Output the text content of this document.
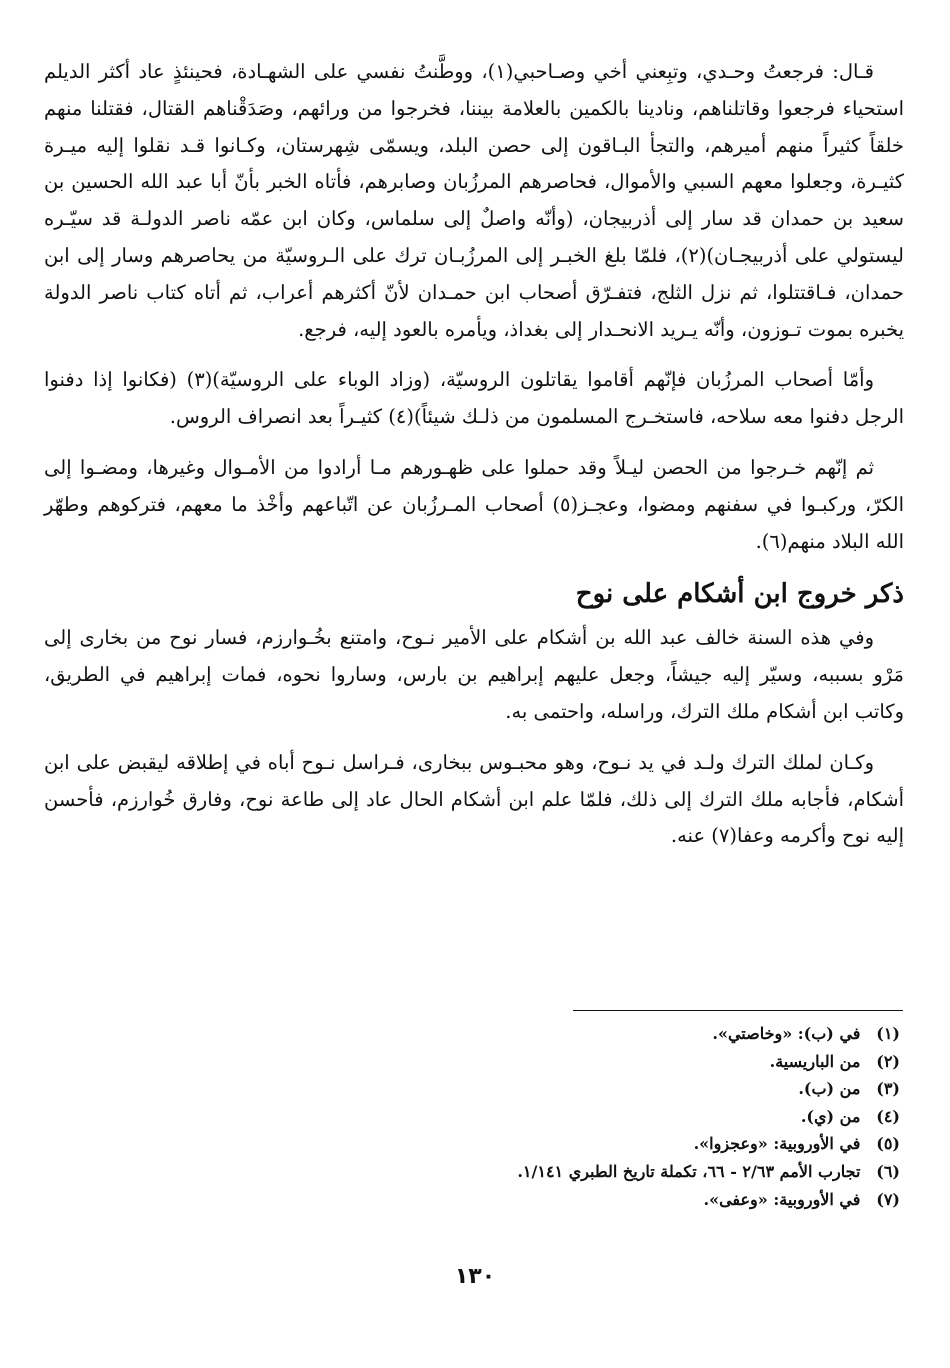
قـال: فرجعتُ وحـدي، وتبِعني أخي وصـاحبي(١)، ووطَّنتُ نفسي على الشهـادة، فحينئذٍ عاد أكثر الديلم استحياء فرجعوا وقاتلناهم، ونادينا بالكمين بالعلامة بيننا، فخرجوا من ورائهم، وصَدَقْناهم القتال، فقتلنا منهم خلقاً كثيراً منهم أميرهم، والتجأ البـاقون إلى حصن البلد، ويسمّى شِهرستان، وكـانوا قـد نقلوا إليه ميـرة كثيـرة، وجعلوا معهم السبي والأموال، فحاصرهم المرزُبان وصابرهم، فأتاه الخبر بأنّ أبا عبد الله الحسين بن سعيد بن حمدان قد سار إلى أذربيجان، (وأنّه واصلٌ إلى سلماس، وكان ابن عمّه ناصر الدولـة قد سيّـره ليستولي على أذربيجـان)(٢)، فلمّا بلغ الخبـر إلى المرزُبـان ترك على الـروسيّة من يحاصرهم وسار إلى ابن حمدان، فـاقتتلوا، ثم نزل الثلج، فتفـرّق أصحاب ابن حمـدان لأنّ أكثرهم أعراب، ثم أتاه كتاب ناصر الدولة يخبره بموت تـوزون، وأنّه يـريد الانحـدار إلى بغداذ، ويأمره بالعود إليه، فرجع.

وأمّا أصحاب المرزُبان فإنّهم أقاموا يقاتلون الروسيّة، (وزاد الوباء على الروسيّة)(٣) (فكانوا إذا دفنوا الرجل دفنوا معه سلاحه، فاستخـرج المسلمون من ذلـك شيئاً)(٤) كثيـراً بعد انصراف الروس.

ثم إنّهم خـرجوا من الحصن ليـلاً وقد حملوا على ظهـورهم مـا أرادوا من الأمـوال وغيرها، ومضـوا إلى الكرّ، وركبـوا في سفنهم ومضوا، وعجـز(٥) أصحاب المـرزُبان عن اتّباعهم وأخْذ ما معهم، فتركوهم وطهّر الله البلاد منهم(٦).

ذكر خروج ابن أشكام على نوح

وفي هذه السنة خالف عبد الله بن أشكام على الأمير نـوح، وامتنع بخُـوارزم، فسار نوح من بخارى إلى مَرْو بسببه، وسيّر إليه جيشاً، وجعل عليهم إبراهيم بن بارس، وساروا نحوه، فمات إبراهيم في الطريق، وكاتب ابن أشكام ملك الترك، وراسله، واحتمى به.

وكـان لملك الترك ولـد في يد نـوح، وهو محبـوس ببخارى، فـراسل نـوح أباه في إطلاقه ليقبض على ابن أشكام، فأجابه ملك الترك إلى ذلك، فلمّا علم ابن أشكام الحال عاد إلى طاعة نوح، وفارق خُوارزم، فأحسن إليه نوح وأكرمه وعفا(٧) عنه.

(١) في (ب): «وخاصتي».
(٢) من الباريسية.
(٣) من (ب).
(٤) من (ي).
(٥) في الأوروبية: «وعجزوا».
(٦) تجارب الأمم ٢/٦٣ - ٦٦، تكملة تاريخ الطبري ١/١٤١.
(٧) في الأوروبية: «وعفى».
١٣٠
